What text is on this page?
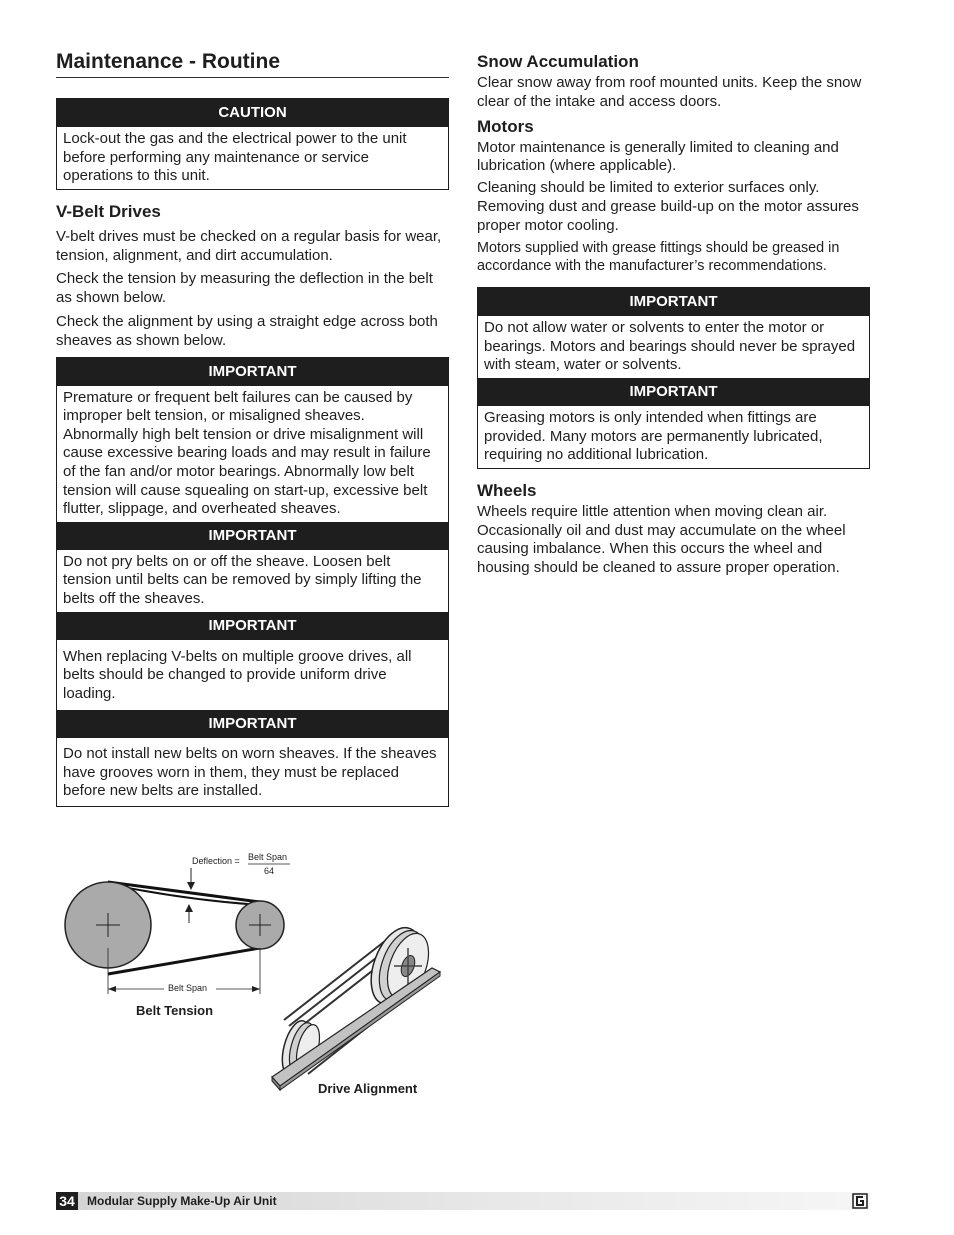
Maintenance - Routine
CAUTION
Lock-out the gas and the electrical power to the unit before performing any maintenance or service operations to this unit.
V-Belt Drives

V-belt drives must be checked on a regular basis for wear, tension, alignment, and dirt accumulation.

Check the tension by measuring the deflection in the belt as shown below.

Check the alignment by using a straight edge across both sheaves as shown below.

IMPORTANT
Premature or frequent belt failures can be caused by improper belt tension, or misaligned sheaves. Abnormally high belt tension or drive misalignment will cause excessive bearing loads and may result in failure of the fan and/or motor bearings. Abnormally low belt tension will cause squealing on start-up, excessive belt flutter, slippage, and overheated sheaves.
IMPORTANT
Do not pry belts on or off the sheave. Loosen belt tension until belts can be removed by simply lifting the belts off the sheaves.
IMPORTANT
When replacing V-belts on multiple groove drives, all belts should be changed to provide uniform drive loading.
IMPORTANT
Do not install new belts on worn sheaves. If the sheaves have grooves worn in them, they must be replaced before new belts are installed.
Deflection = Belt Span
64
Belt Span
Belt Tension
Drive Alignment
Snow Accumulation

Clear snow away from roof mounted units. Keep the snow clear of the intake and access doors.

Motors

Motor maintenance is generally limited to cleaning and lubrication (where applicable).

Cleaning should be limited to exterior surfaces only. Removing dust and grease build-up on the motor assures proper motor cooling.

Motors supplied with grease fittings should be greased in accordance with the manufacturer’s recommendations.

IMPORTANT
Do not allow water or solvents to enter the motor or bearings. Motors and bearings should never be sprayed with steam, water or solvents.
IMPORTANT
Greasing motors is only intended when fittings are provided. Many motors are permanently lubricated, requiring no additional lubrication.
Wheels

Wheels require little attention when moving clean air. Occasionally oil and dust may accumulate on the wheel causing imbalance. When this occurs the wheel and housing should be cleaned to assure proper operation.

34 Modular Supply Make-Up Air Unit
